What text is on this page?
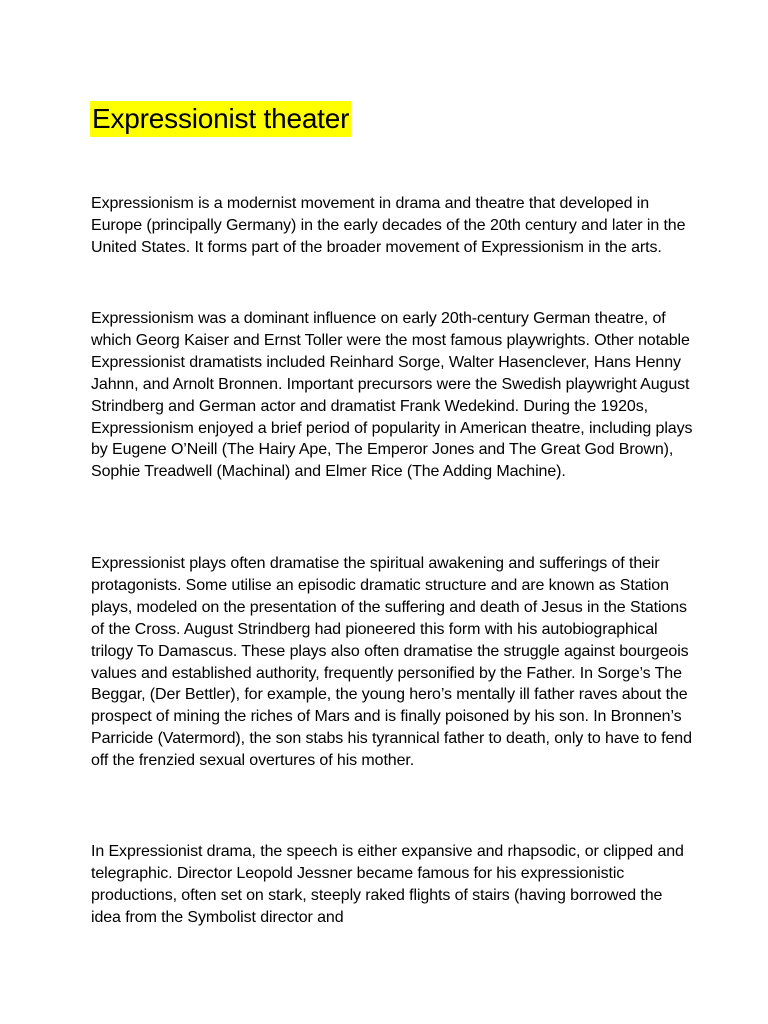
Expressionist theater

Expressionism is a modernist movement in drama and theatre that developed in Europe (principally Germany) in the early decades of the 20th century and later in the United States. It forms part of the broader movement of Expressionism in the arts.

Expressionism was a dominant influence on early 20th-century German theatre, of which Georg Kaiser and Ernst Toller were the most famous playwrights. Other notable Expressionist dramatists included Reinhard Sorge, Walter Hasenclever, Hans Henny Jahnn, and Arnolt Bronnen. Important precursors were the Swedish playwright August Strindberg and German actor and dramatist Frank Wedekind. During the 1920s, Expressionism enjoyed a brief period of popularity in American theatre, including plays by Eugene O’Neill (The Hairy Ape, The Emperor Jones and The Great God Brown), Sophie Treadwell (Machinal) and Elmer Rice (The Adding Machine).

Expressionist plays often dramatise the spiritual awakening and sufferings of their protagonists. Some utilise an episodic dramatic structure and are known as Station plays, modeled on the presentation of the suffering and death of Jesus in the Stations of the Cross. August Strindberg had pioneered this form with his autobiographical trilogy To Damascus. These plays also often dramatise the struggle against bourgeois values and established authority, frequently personified by the Father. In Sorge’s The Beggar, (Der Bettler), for example, the young hero’s mentally ill father raves about the prospect of mining the riches of Mars and is finally poisoned by his son. In Bronnen’s Parricide (Vatermord), the son stabs his tyrannical father to death, only to have to fend off the frenzied sexual overtures of his mother.

In Expressionist drama, the speech is either expansive and rhapsodic, or clipped and telegraphic. Director Leopold Jessner became famous for his expressionistic productions, often set on stark, steeply raked flights of stairs (having borrowed the idea from the Symbolist director and
